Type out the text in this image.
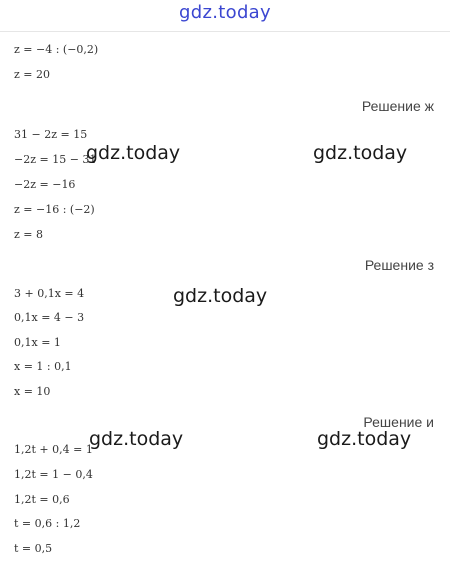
gdz.today
z = −4 : (−0,2)
z = 20
Решение ж
31 − 2z = 15
−2z = 15 − 31
−2z = −16
z = −16 : (−2)
z = 8
Решение з
3 + 0,1x = 4
0,1x = 4 − 3
0,1x = 1
x = 1 : 0,1
x = 10
Решение и
1,2t + 0,4 = 1
1,2t = 1 − 0,4
1,2t = 0,6
t = 0,6 : 1,2
t = 0,5
gdz.today	gdz.today
gdz.today
gdz.today	gdz.today
